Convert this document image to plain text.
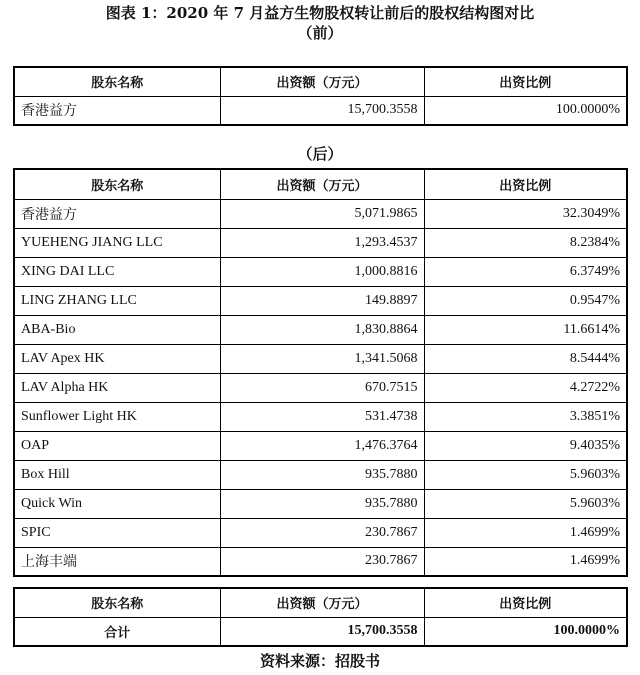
图表 1：2020 年 7 月益方生物股权转让前后的股权结构图对比
（前）
股东名称	出资额（万元）	出资比例
香港益方	15,700.3558	100.0000%
（后）
股东名称	出资额（万元）	出资比例
香港益方	5,071.9865	32.3049%
YUEHENG JIANG LLC	1,293.4537	8.2384%
XING DAI LLC	1,000.8816	6.3749%
LING ZHANG LLC	149.8897	0.9547%
ABA-Bio	1,830.8864	11.6614%
LAV Apex HK	1,341.5068	8.5444%
LAV Alpha HK	670.7515	4.2722%
Sunflower Light HK	531.4738	3.3851%
OAP	1,476.3764	9.4035%
Box Hill	935.7880	5.9603%
Quick Win	935.7880	5.9603%
SPIC	230.7867	1.4699%
上海丰端	230.7867	1.4699%
股东名称	出资额（万元）	出资比例
合计	15,700.3558	100.0000%
资料来源：招股书
